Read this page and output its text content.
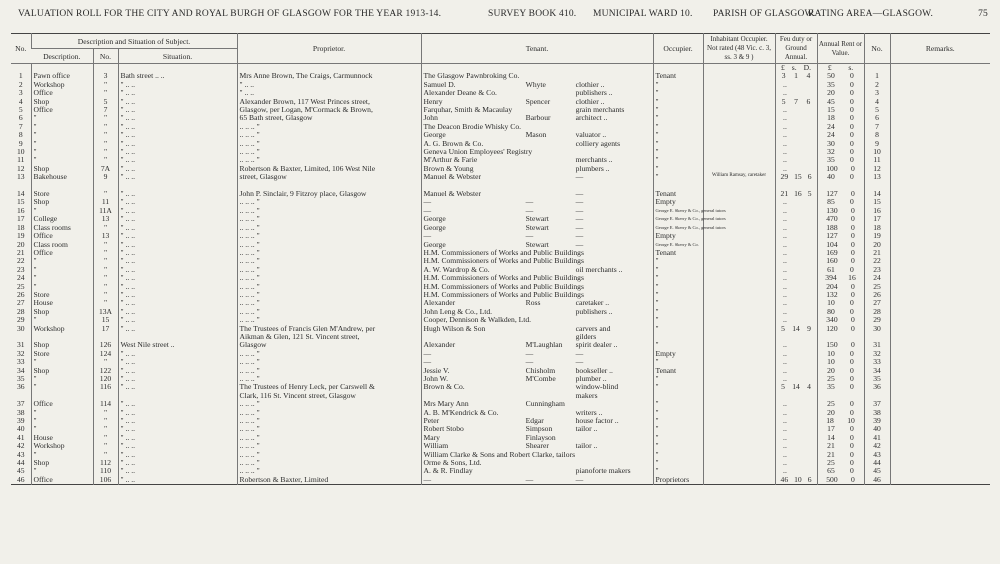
VALUATION ROLL FOR THE CITY AND ROYAL BURGH OF GLASGOW FOR THE YEAR 1913-14.	SURVEY BOOK 410. MUNICIPAL WARD 10. PARISH OF GLASGOW.
RATING AREA—GLASGOW.	75
No.	Description and Situation of Subject.			Proprietor.	Tenant.	Occupier.	Inhabitant Occupier. Not rated (48 Vic. c. 3, ss. 3 & 9 )	Feu duty or Ground Annual.	Annual Rent or Value.	No.	Remarks.
	Description.	No.	Situation.								

								£ s. D.	£ s.		

1	Pawn office	3	Bath street .. ..	Mrs Anne Brown, The Craigs, Carmunnock	The Glasgow Pawnbroking Co.	Tenant		3 1 4	50 0	1	
2	Workshop	"	" .. ..	" .. ..	Samuel D. Whyte clothier ..	"		..	35 0	2	
3	Office	"	" .. ..	" .. ..	Alexander Deane & Co. publishers ..	"		..	20 0	3	
4	Shop	5	" .. ..	Alexander Brown, 117 West Princes street,	Henry Spencer clothier ..	"		5 7 6	45 0	4	
5	Office	7	" .. ..	Glasgow, per Logan, M'Cormack & Brown,	Farquhar, Smith & Macaulay grain merchants	"		..	15 0	5	
6	"	"	" .. ..	65 Bath street, Glasgow	John Barbour architect ..	"		..	18 0	6	
7	"	"	" .. ..	.. .. .. "	The Deacon Brodie Whisky Co.	"		..	24 0	7	
8	"	"	" .. ..	.. .. .. "	George Mason valuator ..	"		..	24 0	8	
9	"	"	" .. ..	.. .. .. "	A. G. Brown & Co. colliery agents	"		..	30 0	9	
10	"	"	" .. ..	.. .. .. "	Geneva Union Employees' Registry	"		..	32 0	10	
11	"	"	" .. ..	.. .. .. "	M'Arthur & Farie merchants ..	"		..	35 0	11	
12	Shop	7A	" .. ..	Robertson & Baxter, Limited, 106 West Nile	Brown & Young plumbers ..	"		..	100 0	12	
13	Bakehouse	9	" .. ..	street, Glasgow	Manuel & Webster —	"	William Ramsay, caretaker	29 15 6	40 0	13	

14	Store	"	" .. ..	John P. Sinclair, 9 Fitzroy place, Glasgow	Manuel & Webster —	Tenant		21 16 5	127 0	14	
15	Shop	11	" .. ..	.. .. .. "	— — —	Empty		..	85 0	15	
16	"	11A	" .. ..	.. .. .. "	— — —	George E. Skerry & Co., general tutors		..	130 0	16	
17	College	13	" .. ..	.. .. .. "	George Stewart —	George E. Skerry & Co., general tutors		..	470 0	17	
18	Class rooms	"	" .. ..	.. .. .. "	George Stewart —	George E. Skerry & Co., general tutors		..	188 0	18	
19	Office	13	" .. ..	.. .. .. "	— — —	Empty		..	127 0	19	
20	Class room	"	" .. ..	.. .. .. "	George Stewart —	George E. Skerry & Co.		..	104 0	20	
21	Office	"	" .. ..	.. .. .. "	H.M. Commissioners of Works and Public Buildings	Tenant		..	169 0	21	
22	"	"	" .. ..	.. .. .. "	H.M. Commissioners of Works and Public Buildings	"		..	160 0	22	
23	"	"	" .. ..	.. .. .. "	A. W. Wardrop & Co. oil merchants ..	"		..	61 0	23	
24	"	"	" .. ..	.. .. .. "	H.M. Commissioners of Works and Public Buildings	"		..	394 16	24	
25	"	"	" .. ..	.. .. .. "	H.M. Commissioners of Works and Public Buildings	"		..	204 0	25	
26	Store	"	" .. ..	.. .. .. "	H.M. Commissioners of Works and Public Buildings	"		..	132 0	26	
27	House	"	" .. ..	.. .. .. "	Alexander Ross caretaker ..	"		..	10 0	27	
28	Shop	13A	" .. ..	.. .. .. "	John Leng & Co., Ltd. publishers ..	"		..	80 0	28	
29	"	15	" .. ..	.. .. .. "	Cooper, Dennison & Walkden, Ltd.	"		..	340 0	29	
30	Workshop	17	" .. ..	The Trustees of Francis Glen M'Andrew, per	Hugh Wilson & Son carvers and	"		5 14 9	120 0	30	
				Aikman & Glen, 121 St. Vincent street,	gilders						

31	Shop	126	West Nile street ..	Glasgow	Alexander M'Laughlan spirit dealer ..	"		..	150 0	31	
32	Store	124	" .. ..	.. .. .. "	— — —	Empty		..	10 0	32	
33	"	"	" .. ..	.. .. .. "	— — —	"		..	10 0	33	
34	Shop	122	" .. ..	.. .. .. "	Jessie V. Chisholm bookseller ..	Tenant		..	20 0	34	
35	"	120	" .. ..	.. .. .. "	John W. M'Combe plumber ..	"		..	25 0	35	
36	"	116	" .. ..	The Trustees of Henry Leck, per Carswell &	Brown & Co. window-blind	"		5 14 4	35 0	36	
				Clark, 116 St. Vincent street, Glasgow	makers						

37	Office	114	" .. ..	.. .. .. "	Mrs Mary Ann Cunningham	"		..	25 0	37	
38	"	"	" .. ..	.. .. .. "	A. B. M'Kendrick & Co. writers ..	"		..	20 0	38	
39	"	"	" .. ..	.. .. .. "	Peter Edgar house factor ..	"		..	18 10	39	
40	"	"	" .. ..	.. .. .. "	Robert Stobo Simpson tailor ..	"		..	17 0	40	
41	House	"	" .. ..	.. .. .. "	Mary Finlayson	"		..	14 0	41	
42	Workshop	"	" .. ..	.. .. .. "	William Shearer tailor ..	"		..	21 0	42	
43	"	"	" .. ..	.. .. .. "	William Clarke & Sons and Robert Clarke, tailors	"		..	21 0	43	
44	Shop	112	" .. ..	.. .. .. "	Orme & Sons, Ltd.	"		..	25 0	44	
45	"	110	" .. ..	.. .. .. "	A. & R. Findlay pianoforte makers	"		..	65 0	45	
46	Office	106	" .. ..	Robertson & Baxter, Limited	— — —	Proprietors		46 10 6	500 0	46	
